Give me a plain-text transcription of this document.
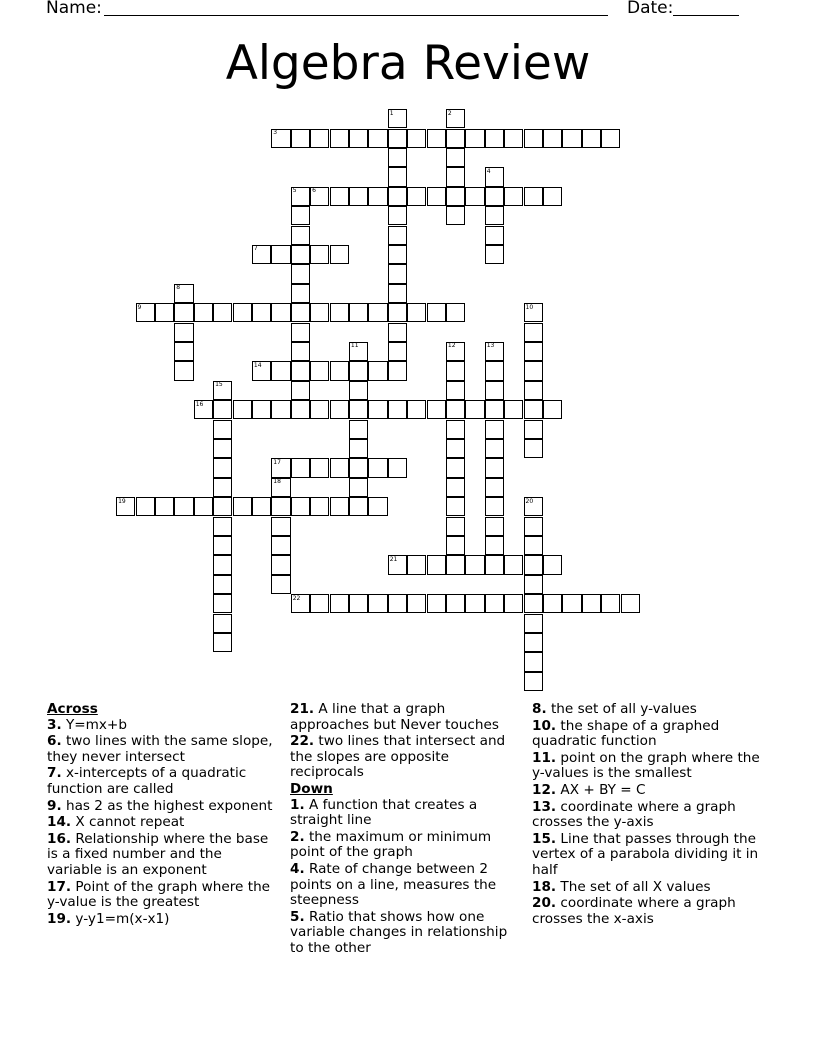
Name:	Date:
Algebra Review
3
6
7
9
14
16
17
19
21
22
1	2
4
5
8
10
11	12	13
15
18
20
Across
3. Y=mx+b
6. two lines with the same slope, they never intersect
7. x-intercepts of a quadratic function are called
9. has 2 as the highest exponent
14. X cannot repeat
16. Relationship where the base is a fixed number and the variable is an exponent
17. Point of the graph where the y-value is the greatest
19. y-y1=m(x-x1)
21. A line that a graph approaches but Never touches
22. two lines that intersect and the slopes are opposite reciprocals
Down
1. A function that creates a straight line
2. the maximum or minimum point of the graph
4. Rate of change between 2 points on a line, measures the steepness
5. Ratio that shows how one variable changes in relationship to the other
8. the set of all y-values
10. the shape of a graphed quadratic function
11. point on the graph where the y-values is the smallest
12. AX + BY = C
13. coordinate where a graph crosses the y-axis
15. Line that passes through the vertex of a parabola dividing it in half
18. The set of all X values
20. coordinate where a graph crosses the x-axis
